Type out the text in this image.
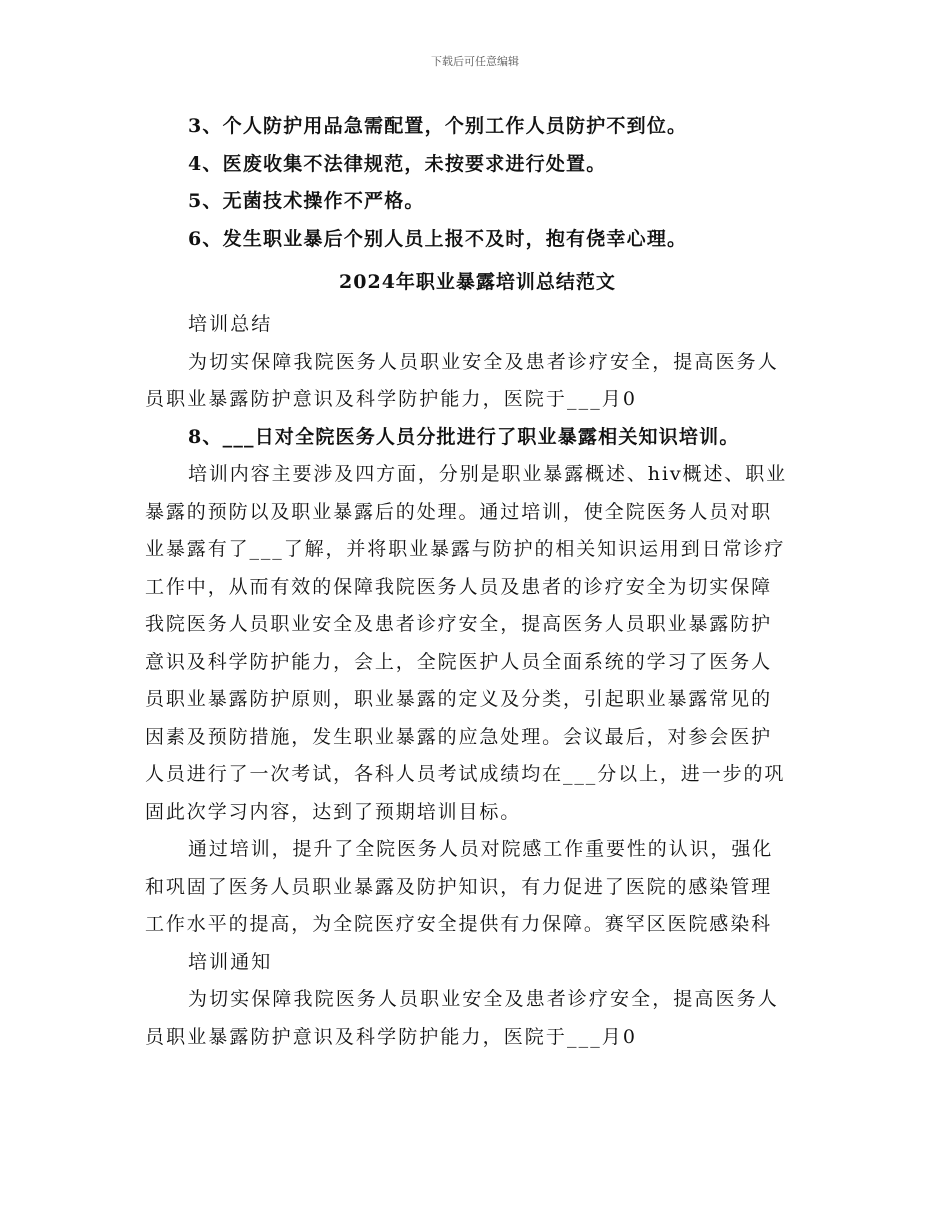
下载后可任意编辑
3、个人防护用品急需配置，个别工作人员防护不到位。
4、医废收集不法律规范，未按要求进行处置。
5、无菌技术操作不严格。
6、发生职业暴后个别人员上报不及时，抱有侥幸心理。
2024年职业暴露培训总结范文
培训总结
为切实保障我院医务人员职业安全及患者诊疗安全，提高医务人
员职业暴露防护意识及科学防护能力，医院于___月0
8、___日对全院医务人员分批进行了职业暴露相关知识培训。
培训内容主要涉及四方面，分别是职业暴露概述、hiv概述、职业
暴露的预防以及职业暴露后的处理。通过培训，使全院医务人员对职
业暴露有了___了解，并将职业暴露与防护的相关知识运用到日常诊疗
工作中，从而有效的保障我院医务人员及患者的诊疗安全为切实保障
我院医务人员职业安全及患者诊疗安全，提高医务人员职业暴露防护
意识及科学防护能力，会上，全院医护人员全面系统的学习了医务人
员职业暴露防护原则，职业暴露的定义及分类，引起职业暴露常见的
因素及预防措施，发生职业暴露的应急处理。会议最后，对参会医护
人员进行了一次考试，各科人员考试成绩均在___分以上，进一步的巩
固此次学习内容，达到了预期培训目标。
通过培训，提升了全院医务人员对院感工作重要性的认识，强化
和巩固了医务人员职业暴露及防护知识，有力促进了医院的感染管理
工作水平的提高，为全院医疗安全提供有力保障。赛罕区医院感染科
培训通知
为切实保障我院医务人员职业安全及患者诊疗安全，提高医务人
员职业暴露防护意识及科学防护能力，医院于___月0
